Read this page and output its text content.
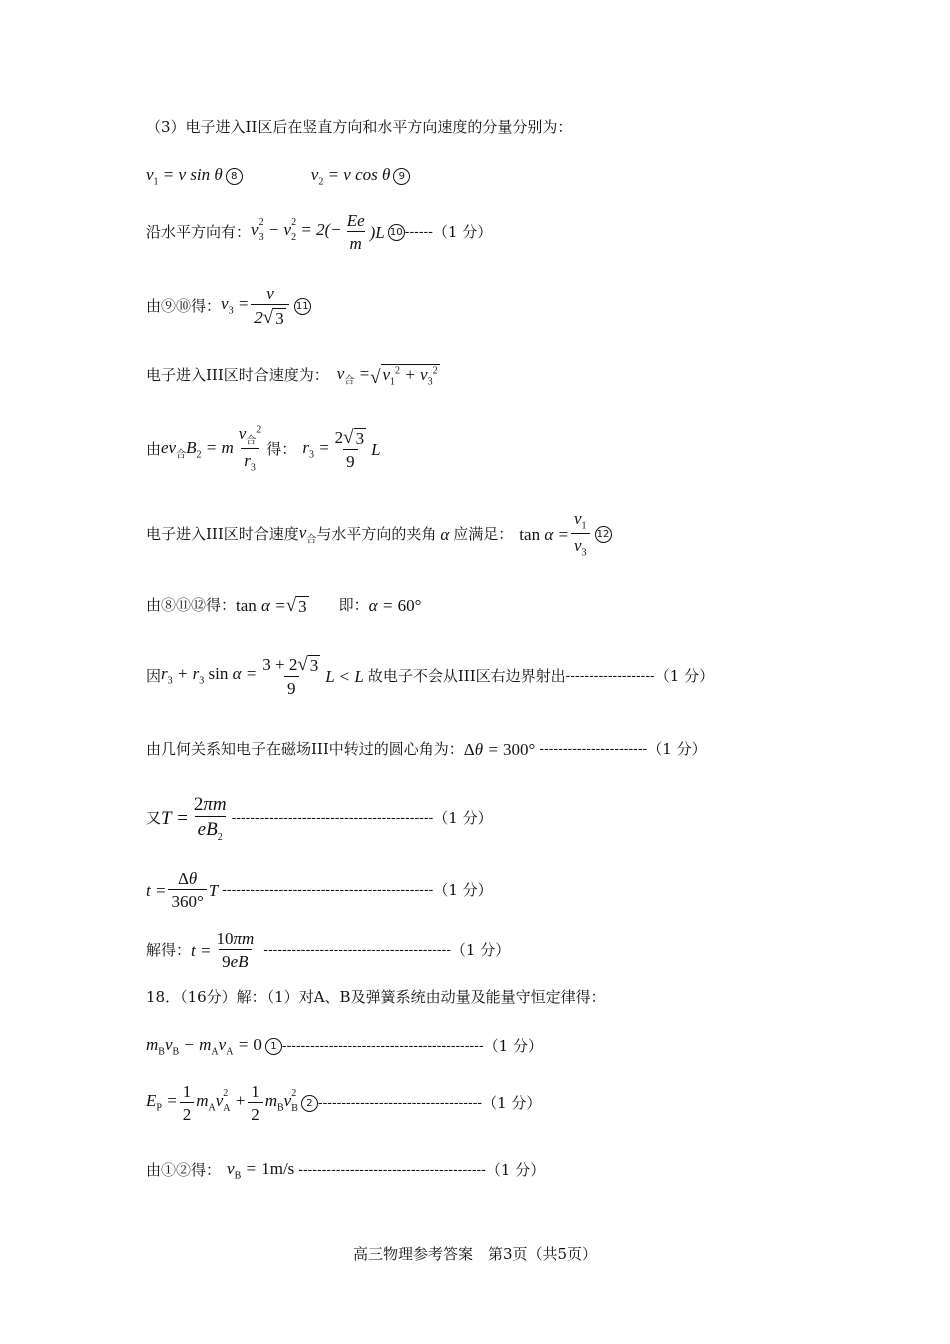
（3）电子进入II区后在竖直方向和水平方向速度的分量分别为：
$v_1 = v$ sin θ 8	$v_2 = v$ cos θ 9
沿水平方向有： v $_{2 3}$ − v $_{2 2} = 2(- \frac{Ee}{m} )L$ 10 ------ （1 分）
由⑨⑩得： $v_3 = \frac{v}{2 √ 3} 11$
电子进入III区时合速度为： $v_合$ = √ $v_1^2 + v_3^2$
由 $ev_合B_2 = m \frac{v_合^2}{r_3}$ 得： $r_3 = \frac{2 √ 3}{9}$ L
电子进入III区时合速度 $v_合$ 与水平方向的夹角 α 应满足： $\tan \alpha = \frac{v_1}{v_3} 12$
由⑧⑪⑫得： tan α = √ 3 即： α = 60°
因 $r_3 + r_3$ $\sin \alpha = \frac{3 + 2 √ 3}{9}$ L < L 故电子不会从III区右边界射出 ------------------- （1 分）
由几何关系知电子在磁场III中转过的圆心角为： Δθ = 300° ----------------------- （1 分）
又 $T = \frac{2\pi m}{eB_2}$ ------------------------------------------- （1 分）
$t = \frac{\Delta\theta}{360^\circ}$ T --------------------------------------------- （1 分）
解得： $t = \frac{10\pi m}{9eB}$ ---------------------------------------- （1 分）
18．（16分）解：（1）对A、B及弹簧系统由动量及能量守恒定律得：
$m_Bv_B - m_Av_A = 0$ 1 ------------------------------------------- （1 分）
$E_P = \frac{1}{2} m_Av$ $_{2 A} + \frac{1}{2} m_Bv$ $_{2 B}$ 2 ----------------------------------- （1 分）
由①②得： $v_B = 1m/s$ ---------------------------------------- （1 分）
高三物理参考答案　第3页（共5页）
